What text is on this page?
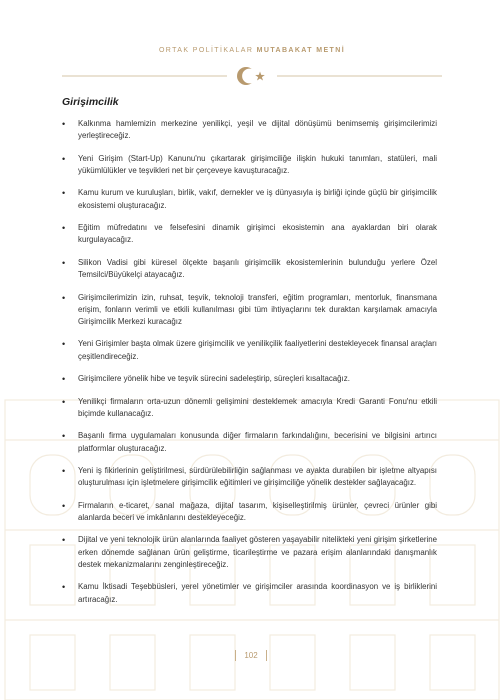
ORTAK POLİTİKALAR MUTABAKAT METNİ
Girişimcilik
• Kalkınma hamlemizin merkezine yenilikçi, yeşil ve dijital dönüşümü benimsemiş girişimcilerimizi yerleştireceğiz.
• Yeni Girişim (Start-Up) Kanunu'nu çıkartarak girişimciliğe ilişkin hukuki tanımları, statüleri, mali yükümlülükler ve teşvikleri net bir çerçeveye kavuşturacağız.
• Kamu kurum ve kuruluşları, birlik, vakıf, dernekler ve iş dünyasıyla iş birliği içinde güçlü bir girişimcilik ekosistemi oluşturacağız.
• Eğitim müfredatını ve felsefesini dinamik girişimci ekosistemin ana ayaklardan biri olarak kurgulayacağız.
• Silikon Vadisi gibi küresel ölçekte başarılı girişimcilik ekosistemlerinin bulunduğu yerlere Özel Temsilci/Büyükelçi atayacağız.
• Girişimcilerimizin izin, ruhsat, teşvik, teknoloji transferi, eğitim programları, mentorluk, finansmana erişim, fonların verimli ve etkili kullanılması gibi tüm ihtiyaçlarını tek duraktan karşılamak amacıyla Girişimcilik Merkezi kuracağız
• Yeni Girişimler başta olmak üzere girişimcilik ve yenilikçilik faaliyetlerini destekleyecek finansal araçları çeşitlendireceğiz.
• Girişimcilere yönelik hibe ve teşvik sürecini sadeleştirip, süreçleri kısaltacağız.
• Yenilikçi firmaların orta-uzun dönemli gelişimini desteklemek amacıyla Kredi Garanti Fonu'nu etkili biçimde kullanacağız.
• Başarılı firma uygulamaları konusunda diğer firmaların farkındalığını, becerisini ve bilgisini artırıcı platformlar oluşturacağız.
• Yeni iş fikirlerinin geliştirilmesi, sürdürülebilirliğin sağlanması ve ayakta durabilen bir işletme altyapısı oluşturulması için işletmelere girişimcilik eğitimleri ve girişimciliğe yönelik destekler sağlayacağız.
• Firmaların e-ticaret, sanal mağaza, dijital tasarım, kişiselleştirilmiş ürünler, çevreci ürünler gibi alanlarda beceri ve imkânlarını destekleyeceğiz.
• Dijital ve yeni teknolojik ürün alanlarında faaliyet gösteren yaşayabilir nitelikteki yeni girişim şirketlerine erken dönemde sağlanan ürün geliştirme, ticarileştirme ve pazara erişim alanlarındaki danışmanlık destek mekanizmalarını zenginleştireceğiz.
• Kamu İktisadi Teşebbüsleri, yerel yönetimler ve girişimciler arasında koordinasyon ve iş birliklerini artıracağız.
102
